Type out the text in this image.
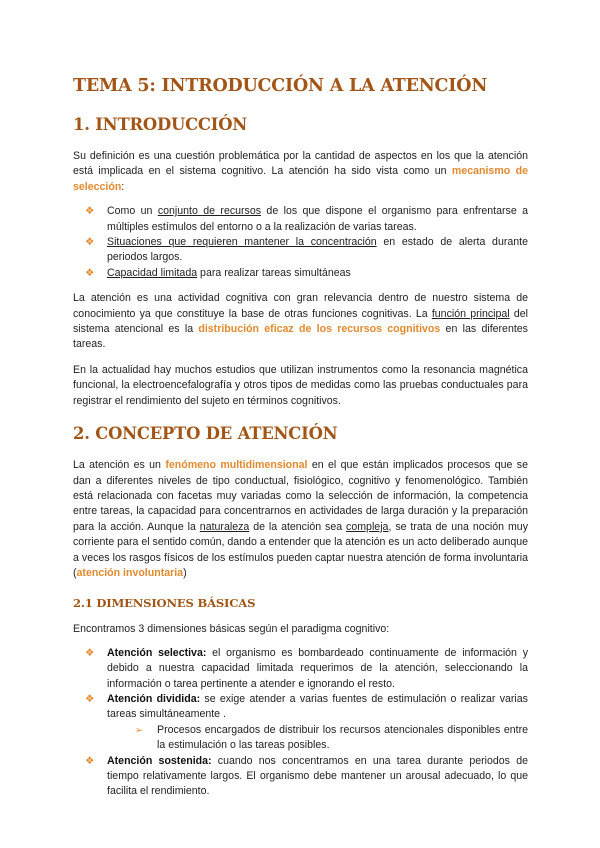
TEMA 5: INTRODUCCIÓN A LA ATENCIÓN
1. INTRODUCCIÓN

Su definición es una cuestión problemática por la cantidad de aspectos en los que la atención está implicada en el sistema cognitivo. La atención ha sido vista como un mecanismo de selección:

❖ Como un conjunto de recursos de los que dispone el organismo para enfrentarse a múltiples estímulos del entorno o a la realización de varias tareas.
❖ Situaciones que requieren mantener la concentración en estado de alerta durante periodos largos.
❖ Capacidad limitada para realizar tareas simultáneas

La atención es una actividad cognitiva con gran relevancia dentro de nuestro sistema de conocimiento ya que constituye la base de otras funciones cognitivas. La función principal del sistema atencional es la distribución eficaz de los recursos cognitivos en las diferentes tareas.

En la actualidad hay muchos estudios que utilizan instrumentos como la resonancia magnética funcional, la electroencefalografía y otros tipos de medidas como las pruebas conductuales para registrar el rendimiento del sujeto en términos cognitivos.

2. CONCEPTO DE ATENCIÓN

La atención es un fenómeno multidimensional en el que están implicados procesos que se dan a diferentes niveles de tipo conductual, fisiológico, cognitivo y fenomenológico. También está relacionada con facetas muy variadas como la selección de información, la competencia entre tareas, la capacidad para concentrarnos en actividades de larga duración y la preparación para la acción. Aunque la naturaleza de la atención sea compleja, se trata de una noción muy corriente para el sentido común, dando a entender que la atención es un acto deliberado aunque a veces los rasgos físicos de los estímulos pueden captar nuestra atención de forma involuntaria (atención involuntaria)

2.1 DIMENSIONES BÁSICAS

Encontramos 3 dimensiones básicas según el paradigma cognitivo:

❖ Atención selectiva: el organismo es bombardeado continuamente de información y debido a nuestra capacidad limitada requerimos de la atención, seleccionando la información o tarea pertinente a atender e ignorando el resto.
❖ Atención dividida: se exige atender a varias fuentes de estimulación o realizar varias tareas simultáneamente .
➢ Procesos encargados de distribuir los recursos atencionales disponibles entre la estimulación o las tareas posibles.
❖ Atención sostenida: cuando nos concentramos en una tarea durante periodos de tiempo relativamente largos. El organismo debe mantener un arousal adecuado, lo que facilita el rendimiento.
